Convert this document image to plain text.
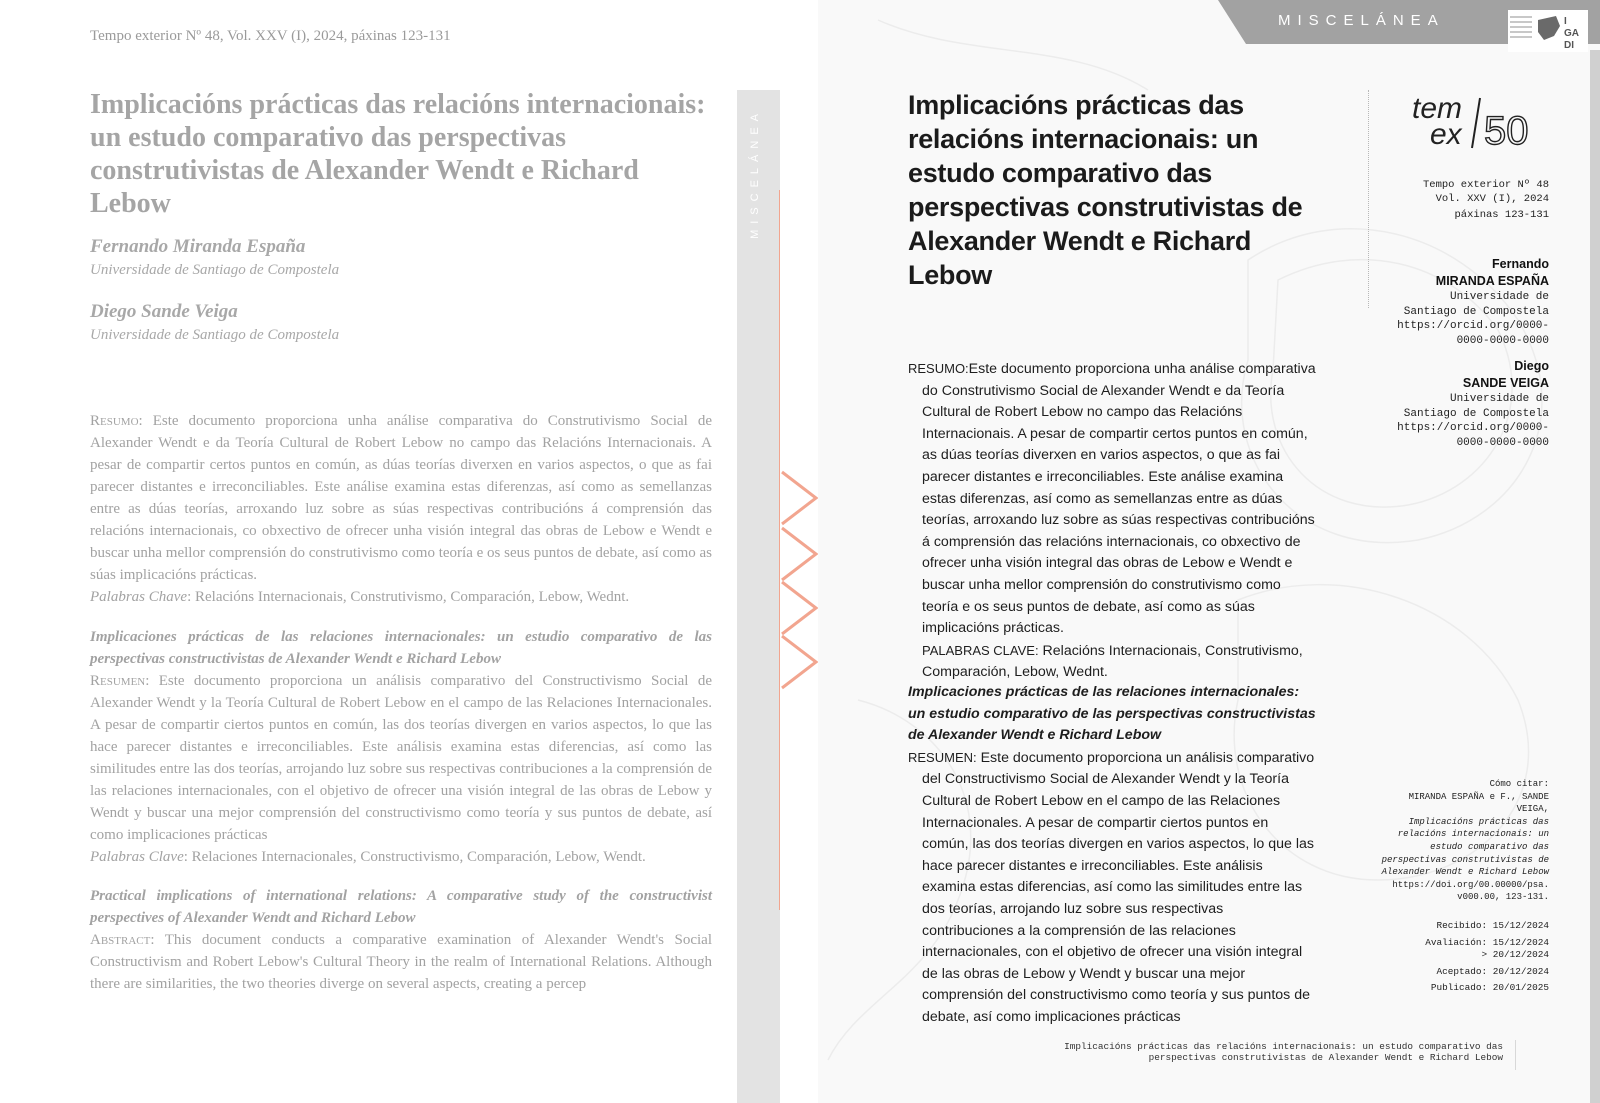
Tempo exterior Nº 48, Vol. XXV (I), 2024, páxinas 123-131
Implicacións prácticas das relacións internacionais: un estudo comparativo das perspectivas construtivistas de Alexander Wendt e Richard Lebow
Fernando Miranda España
Universidade de Santiago de Compostela
Diego Sande Veiga
Universidade de Santiago de Compostela
Resumo: Este documento proporciona unha análise comparativa do Construtivismo Social de Alexander Wendt e da Teoría Cultural de Robert Lebow no campo das Relacións Internacionais. A pesar de compartir certos puntos en común, as dúas teorías diverxen en varios aspectos, o que as fai parecer distantes e irreconciliables. Este análise examina estas diferenzas, así como as semellanzas entre as dúas teorías, arroxando luz sobre as súas respectivas contribucións á comprensión das relacións internacionais, co obxectivo de ofrecer unha visión integral das obras de Lebow e Wendt e buscar unha mellor comprensión do construtivismo como teoría e os seus puntos de debate, así como as súas implicacións prácticas.
Palabras Chave: Relacións Internacionais, Construtivismo, Comparación, Lebow, Wednt.
Implicaciones prácticas de las relaciones internacionales: un estudio comparativo de las perspectivas constructivistas de Alexander Wendt e Richard Lebow
Resumen: Este documento proporciona un análisis comparativo del Constructivismo Social de Alexander Wendt y la Teoría Cultural de Robert Lebow en el campo de las Relaciones Internacionales. A pesar de compartir ciertos puntos en común, las dos teorías divergen en varios aspectos, lo que las hace parecer distantes e irreconciliables. Este análisis examina estas diferencias, así como las similitudes entre las dos teorías, arrojando luz sobre sus respectivas contribuciones a la comprensión de las relaciones internacionales, con el objetivo de ofrecer una visión integral de las obras de Lebow y Wendt y buscar una mejor comprensión del constructivismo como teoría y sus puntos de debate, así como implicaciones prácticas
Palabras Clave: Relaciones Internacionales, Constructivismo, Comparación, Lebow, Wendt.
Practical implications of international relations: A comparative study of the constructivist perspectives of Alexander Wendt and Richard Lebow
Abstract: This document conducts a comparative examination of Alexander Wendt's Social Constructivism and Robert Lebow's Cultural Theory in the realm of International Relations. Although there are similarities, the two theories diverge on several aspects, creating a percep
MISCELÁNEA
MISCELÁNEA	I
GA
DI
Implicacións prácticas das relacións internacionais: un estudo comparativo das perspectivas construtivistas de Alexander Wendt e Richard Lebow
tem
ex 50
Tempo exterior Nº 48
Vol. XXV (I), 2024
páxinas 123-131
Fernando
MIRANDA ESPAÑA
Universidade de
Santiago de Compostela
https://orcid.org/0000-
0000-0000-0000
Diego
SANDE VEIGA
Universidade de
Santiago de Compostela
https://orcid.org/0000-
0000-0000-0000

RESUMO:Este documento proporciona unha análise comparativa do Construtivismo Social de Alexander Wendt e da Teoría Cultural de Robert Lebow no campo das Relacións Internacionais. A pesar de compartir certos puntos en común, as dúas teorías diverxen en varios aspectos, o que as fai parecer distantes e irreconciliables. Este análise examina estas diferenzas, así como as semellanzas entre as dúas teorías, arroxando luz sobre as súas respectivas contribucións á comprensión das relacións internacionais, co obxectivo de ofrecer unha visión integral das obras de Lebow e Wendt e buscar unha mellor comprensión do construtivismo como teoría e os seus puntos de debate, así como as súas implicacións prácticas.

PALABRAS CLAVE: Relacións Internacionais, Construtivismo, Comparación, Lebow, Wednt.

Implicaciones prácticas de las relaciones internacionales: un estudio comparativo de las perspectivas constructivistas de Alexander Wendt e Richard Lebow

RESUMEN: Este documento proporciona un análisis comparativo del Constructivismo Social de Alexander Wendt y la Teoría Cultural de Robert Lebow en el campo de las Relaciones Internacionales. A pesar de compartir ciertos puntos en común, las dos teorías divergen en varios aspectos, lo que las hace parecer distantes e irreconciliables. Este análisis examina estas diferencias, así como las similitudes entre las dos teorías, arrojando luz sobre sus respectivas contribuciones a la comprensión de las relaciones internacionales, con el objetivo de ofrecer una visión integral de las obras de Lebow y Wendt y buscar una mejor comprensión del constructivismo como teoría y sus puntos de debate, así como implicaciones prácticas

Cómo citar:
MIRANDA ESPAÑA e F., SANDE VEIGA,
Implicacións prácticas das relacións internacionais: un estudo comparativo das perspectivas construtivistas de Alexander Wendt e Richard Lebow
https://doi.org/00.00000/psa. v000.00, 123-131.
Recibido: 15/12/2024
Avaliación: 15/12/2024
> 20/12/2024
Aceptado: 20/12/2024
Publicado: 20/01/2025
Implicacións prácticas das relacións internacionais: un estudo comparativo das
perspectivas construtivistas de Alexander Wendt e Richard Lebow
